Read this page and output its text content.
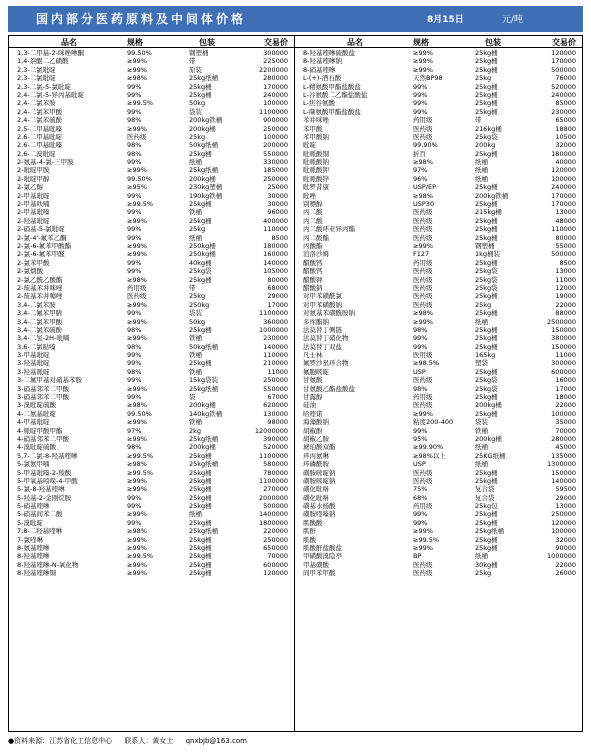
国内部分医药原料及中间体价格	8月15日	元/吨
品名	规格	包装	交易价
1,3-二甲基-2-咪唑啉酮	99.50%	钢塑桶	300000
1,4-萘醌二乙磺酸	≥99%	带	225000
2,3-二氯吡啶	≥99%	原装	2200000
2,3-二氯吡啶	≥98%	25kg纸桶	280000
2,3-二氯-5-氯吡啶	99%	25kg桶	170000
2,4-二氯-5-异丙基吡啶	99%	25kg桶	240000
2,4-二氯苯胺	≥99.5%	50kg	100000
2,4-二氯苯甲酸	99%	袋装	1100000
2,4-二氯苯硫酚	98%	200kg铁桶	900000
2,5-二甲基吡嗪	≥99%	200kg桶	250000
2,6-二甲基吡啶	医药级	25kg	100000
2,6-二甲基吡嗪	98%	50kg纸桶	200000
2,6-二溴吡啶	98%	25kg桶	550000
2-氨基-4-氯-三甲胺	99%	纸桶	330000
2-吡啶甲胺	≥99%	25kg纸桶	185000
2-吡啶甲醇	99.50%	200kg桶	250000
2-氯乙醇	≥95%	230kg塑桶	25000
2-甲基吡啶	99%	190kg铁桶	30000
2-甲基呋喃	≥99.5%	25kg桶	30000
2-甲基吡嗪	99%	铁桶	96000
2-羟基吡啶	≥99%	25kg桶	400000
2-硝基-5-氯吡啶	99%	25kg	110000
2-氯-4'-氟苯乙酮	99%	纸桶	8500
2-氯-6-氟苯甲酸酯	≥99%	250kg桶	180000
2-氯-6-氟苯甲醛	≥99%	250kg桶	160000
2-氯苯甲酸	99%	40kg桶	140000
2-氯烟酸	99%	25kg袋	105000
2-氯乙酰乙酸酯	≥98%	25kg桶	80000
2-巯基苯并咪唑	药用级	带	68000
2-巯基苯并噻唑	医药级	25kg	29000
3,4-二氯苯胺	≥99%	250kg	17000
3,4-二氟苯甲腈	99%	袋装	1100000
3,4-二氯苯甲酸	≥99%	50kg	360000
3,4-二氯苯硫酚	98%	25kg桶	1000000
3,4-二氢-2H-吡喃	≥99%	铁桶	230000
3,6-二氯哒嗪	98%	50kg纸桶	140000
3-甲基吡啶	99%	铁桶	110000
3-羟基吡啶	99%	25kg桶	210000
3-羟基哌啶	98%	铁桶	11000
3-二氟甲基对硝基苯胺	99%	15kg袋装	250000
3-硝基邻苯二甲酸	≥99%	25kg纸桶	550000
3-硝基邻苯二甲酸	99%	袋	67000
3-溴吡啶硫酸	≥98%	200kg桶	620000
4-二氨基吡啶	99.50%	140kg铁桶	130000
4-甲基吡啶	≥99%	铁桶	98000
4-哌啶甲酸甲酯	97%	2kg	12000000
4-硝基邻苯二甲酸	≥99%	25kg纸桶	390000
4-溴吡啶硫酸	98%	200kg桶	520000
5,7-二氯-8-羟基喹啉	≥99.5%	25kg桶	1100000
5-氯氨甲喃	≥98%	25kg纸桶	580000
5-甲基吡嗪-2-羧酸	≥99.5%	25kg桶	780000
5-甲氧基吲哚-4-甲酸	≥99%	25kg桶	1100000
5-氯-8-羟基喹啉	≥99%	25kg桶	270000
5-羟基-2-金刚烷胺	99%	25kg桶	2000000
5-硝基喹啉	99%	25kg桶	500000
5-硝基间苯二酸	≥99%	纸桶	1400000
5-溴吡啶	99%	25kg桶	1800000
7,8-二羟基喹啉	≥98%	25kg纸桶	220000
7-氯喹啉	≥99%	25kg桶	250000
8-氨基喹啉	≥99%	25kg桶	650000
8-羟基喹啉	≥99.5%	25kg桶	70000
8-羟基喹啉-N-氧化物	≥99%	25kg桶	600000
8-羟基喹啉铜	≥99%	25kg桶	120000
品名	规格	包装	交易价
8-羟基喹啉硫酸盐	≥99%	25kg桶	120000
8-羟基喹啉钠	≥99%	25kg桶	170000
8-硝基喹啉	≥99%	25kg桶	500000
L-(+)-酒石酸	天然BP98	25kg	76000
L-精氨酸甲酯盐酸盐	99%	25kg桶	520000
L-谷氨酸二乙酯盐酸盐	99%	25kg桶	240000
L-焦谷氨酸	99%	25kg桶	85000
L-缬氨酸甲酯盐酸盐	99%	25kg桶	230000
苯并咪唑	药用级	带	65000
苯甲酸	医药级	216kg桶	18800
苯甲酸钠	医药级	25kg袋	10500
吡啶	99.90%	200kg	32000
吡哌酸铜	折百	25kg桶	180000
吡哌酸钠	≥98%	纸桶	40000
吡哌酸钾	97%	纸桶	120000
吡哌酸锌	96%	纸桶	100000
吡罗昔康	USP/EP	25kg桶	240000
吡唑	≥98%	200kg铁桶	170000
别嘌醇	USP30	25kg桶	170000
丙二酸	医药级	215kg桶	13000
丙二酸	医药级	25kg桶	48000
丙二酸环亚异丙酯	医药级	25kg桶	110000
丙二酸酯	医药级	25kg桶	80000
丙酸酯	≥99%	钢塑桶	55000
泊洛沙姆	F127	1kg桶装	500000
醋酸钙	药用级	25kg桶	8500
醋酸钙	医药级	25kg袋	13000
醋酸钾	医药级	25kg袋	11000
醋酸钠	医药级	25kg袋	12000
对甲苯磺酰氯	医药级	25kg桶	19000
对甲苯磺酸钠	医药级	25kg	22000
对氨基苯磺酰胺钠	≥98%	25kg桶	88000
多库酯钠	≥99%	纸桶	2500000
法莫替丁侧链	98%	25kg桶	150000
法莫替丁硝化物	99%	25kg桶	380000
法莫替丁双盐	99%	25kg桶	150000
凡士林	医用级	165kg	11000
氟罗沙星环合物	≥98.5%	塑袋	300000
氟胞嘧啶	USP	25kg桶	600000
甘氨酸	医药级	25kg袋	16000
甘氨酸乙酯盐酸盐	98%	25kg袋	17000
甘露醇	药用级	25kg桶	18000
硅油	医药级	200kg桶	22000
哈喹诺	≥99%	25kg桶	100000
海藻酸钠	粘度200-400	袋装	35000
胡椒酚	99%	铁桶	70000
胡椒乙胺	95%	200kg桶	280000
琥珀酸双酯	≥99.90%	纸桶	45000
环丙氨啉	≥98%以上	25KG纸桶	135000
环磷酰胺	USP	纸桶	1300000
磺胺嘧啶钠	医药级	25kg桶	150000
磺胺嘧啶钠	医药级	25kg桶	140000
磺化吡咯	75%	复合袋	59500
磺化吡咯	68%	复合袋	29000
磺基水杨酸	药用级	25kg包	13000
磺胺喹嗪钠	99%	25kg桶	250000
肌酸酸	99%	25kg桶	120000
肌酐	≥99%	25kg纸桶	100000
肌酸	≥99.5%	25kg桶	32000
肌酸酐盐酸盐	≥99%	25kg桶	90000
甲磺酸溴隐亭	BP	纸桶	1000000
甲基磺酸	医药级	30kg桶	22000
间甲苯甲酸	医药级	25kg	26000
●资料来源：江苏省化工信息中心 联系人：黄女士 qnxbjb@163.com
